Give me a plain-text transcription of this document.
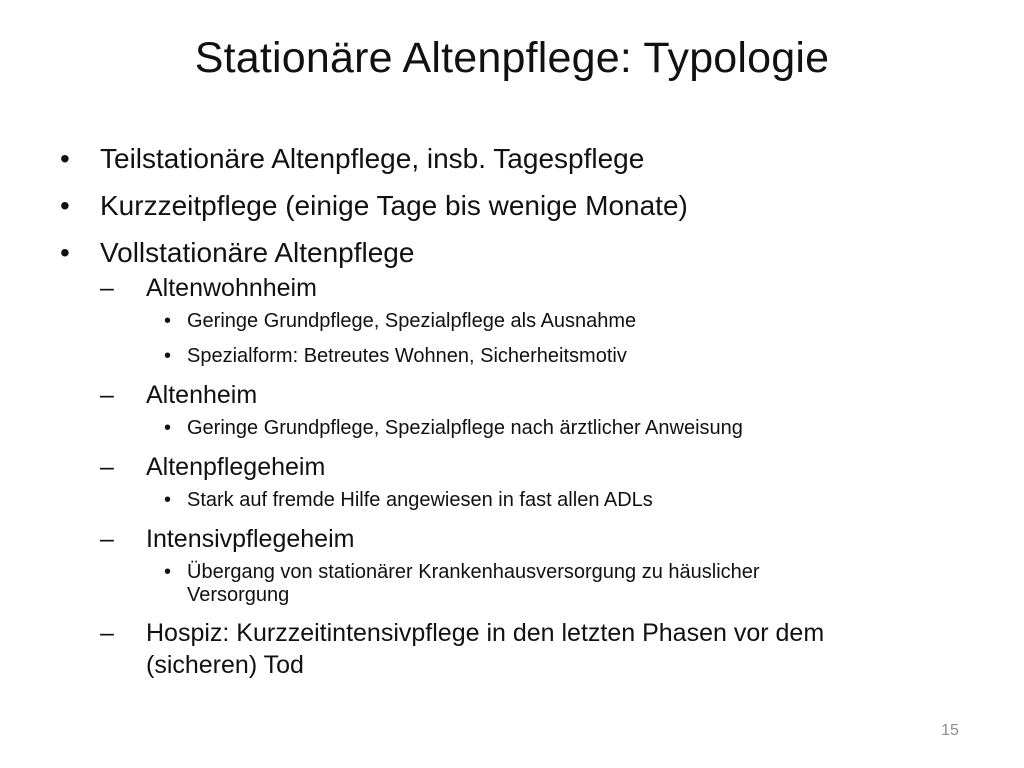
Stationäre Altenpflege: Typologie
•	Teilstationäre Altenpflege, insb. Tagespflege
•	Kurzzeitpflege (einige Tage bis wenige Monate)
•	Vollstationäre Altenpflege
– Altenwohnheim
• Geringe Grundpflege, Spezialpflege als Ausnahme
• Spezialform: Betreutes Wohnen, Sicherheitsmotiv
– Altenheim
• Geringe Grundpflege, Spezialpflege nach ärztlicher Anweisung
– Altenpflegeheim
• Stark auf fremde Hilfe angewiesen in fast allen ADLs
– Intensivpflegeheim
• Übergang von stationärer Krankenhausversorgung zu häuslicher Versorgung
– Hospiz: Kurzzeitintensivpflege in den letzten Phasen vor dem (sicheren) Tod
15
